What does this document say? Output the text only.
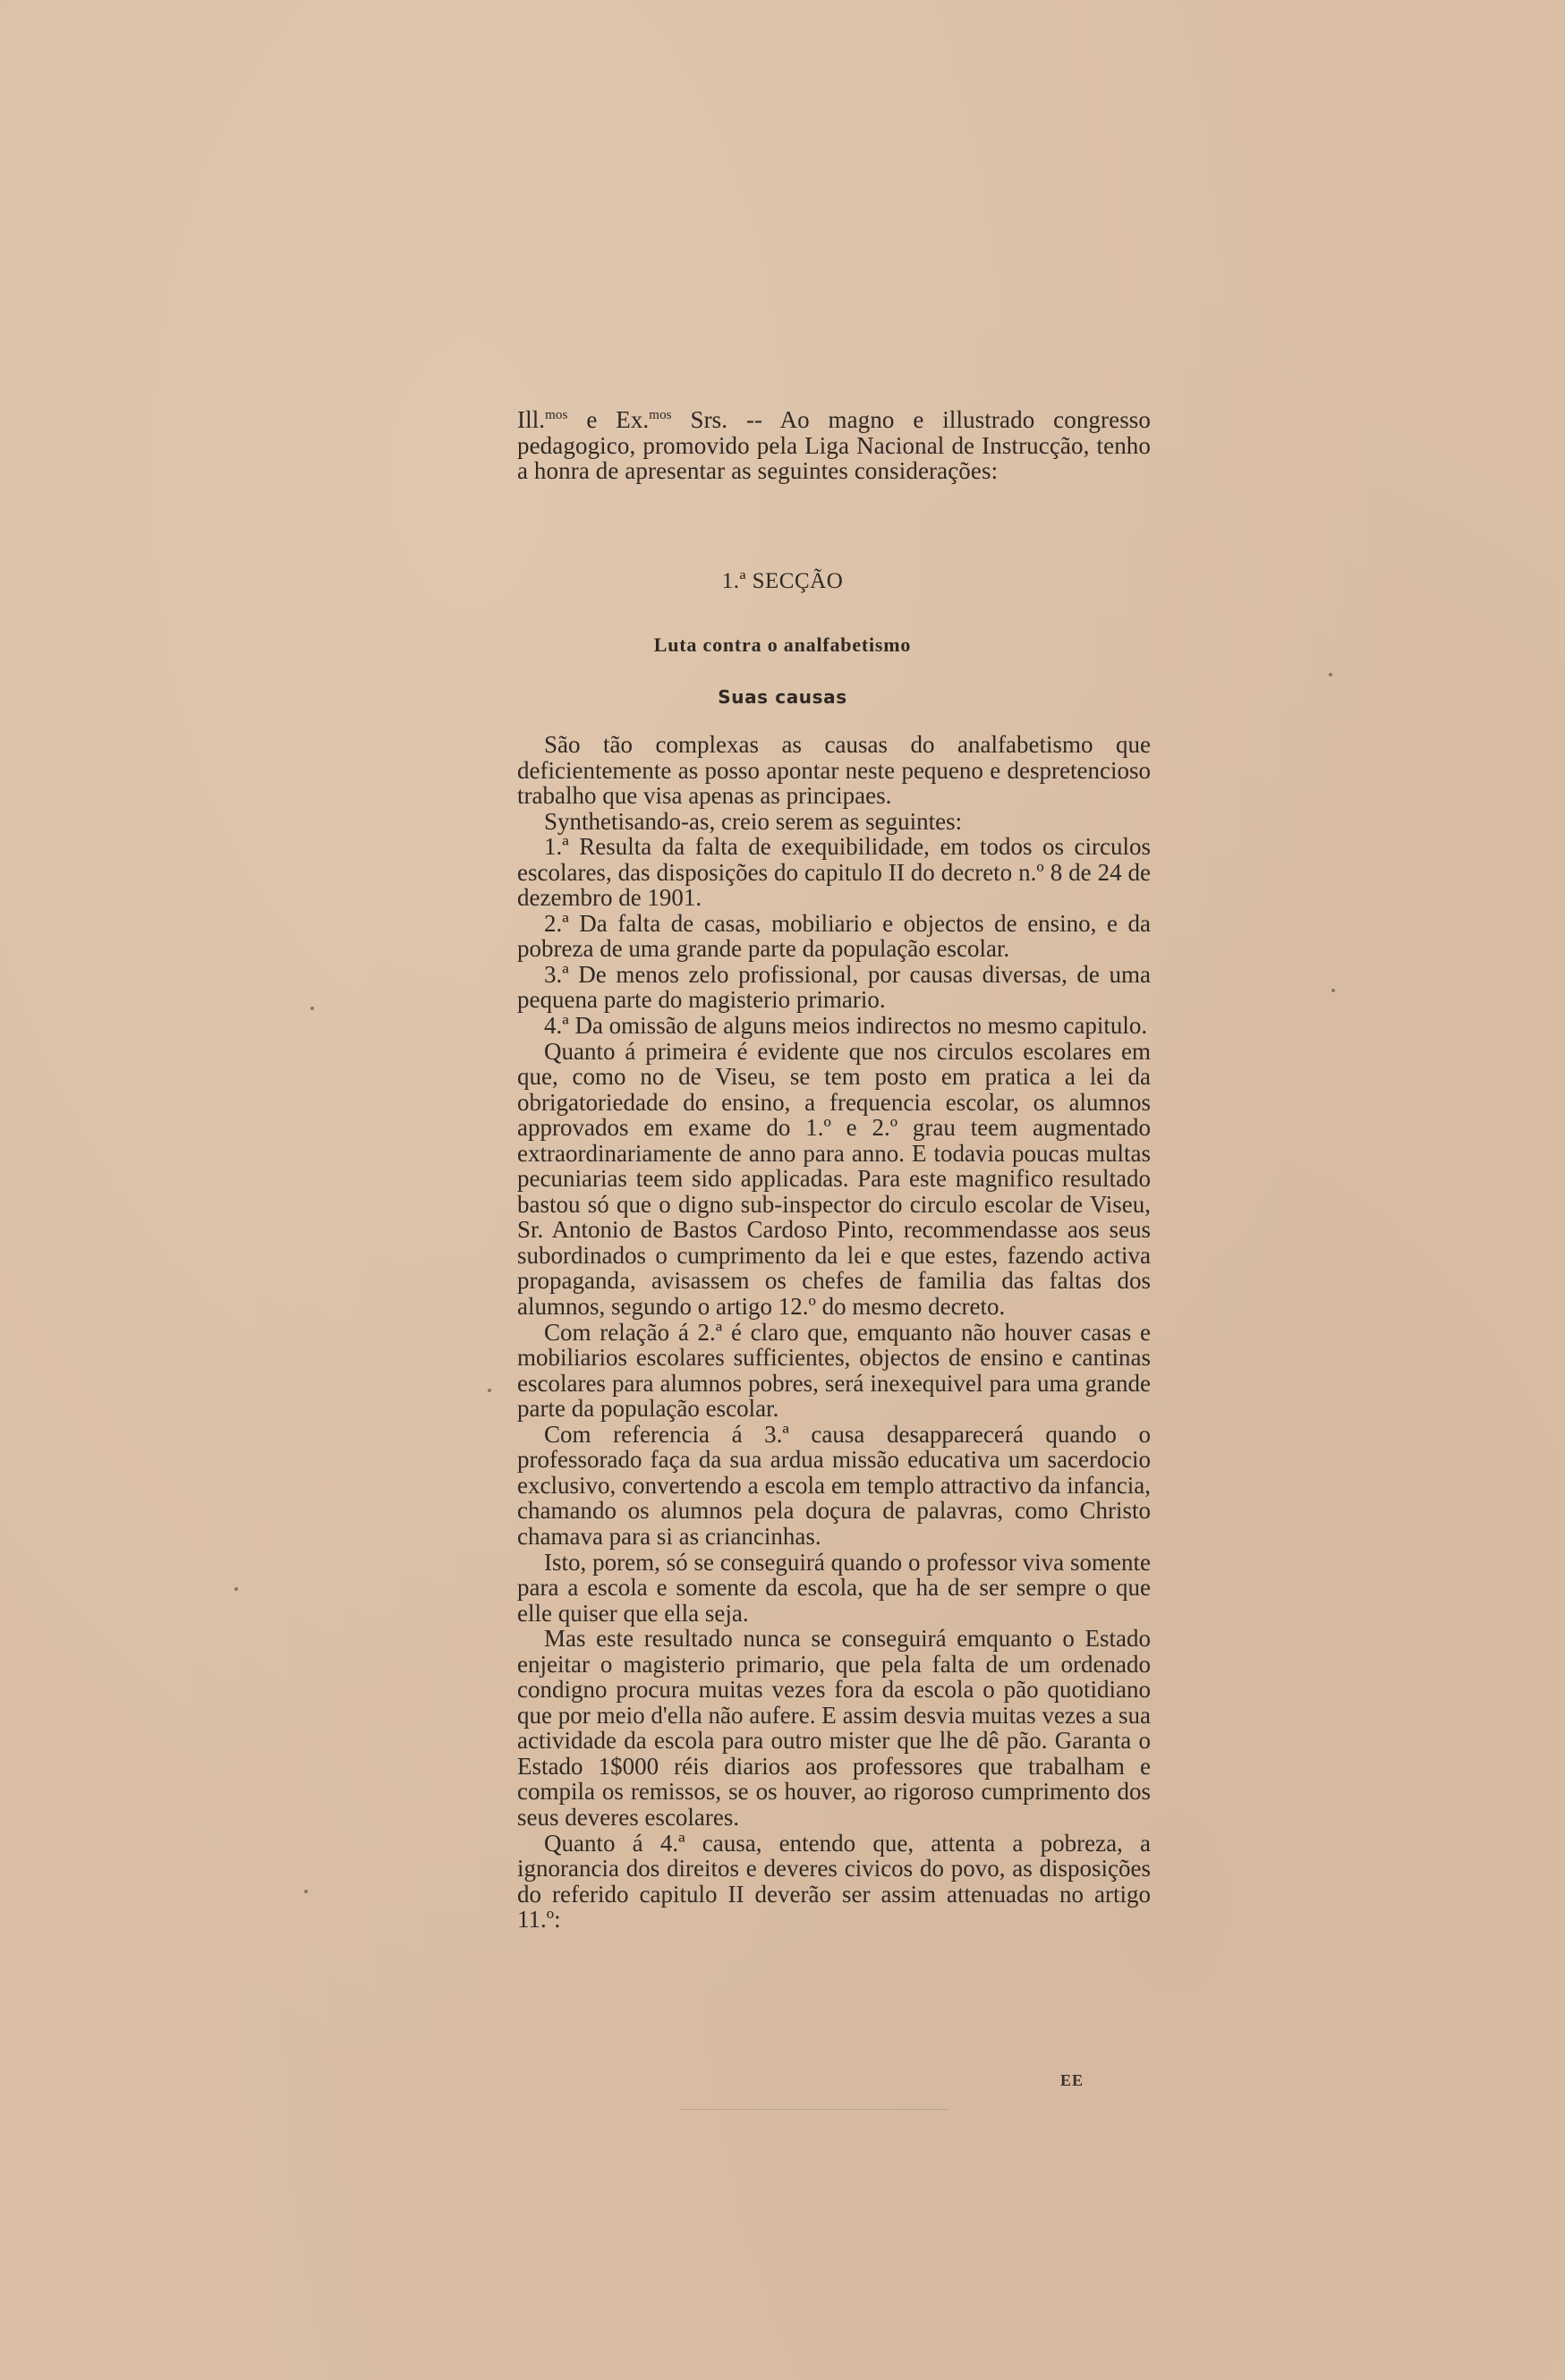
Ill.$^{mos}$ e Ex.$^{mos}$ Srs. -- Ao magno e illustrado congresso pedagogico, promovido pela Liga Nacional de Instrucção, tenho a honra de apresentar as seguintes considerações:

1.ª SECÇÃO
Luta contra o analfabetismo
Suas causas

São tão complexas as causas do analfabetismo que deficientemente as posso apontar neste pequeno e despretencioso trabalho que visa apenas as principaes.

Synthetisando-as, creio serem as seguintes:

1.ª Resulta da falta de exequibilidade, em todos os circulos escolares, das disposições do capitulo II do decreto n.º 8 de 24 de dezembro de 1901.

2.ª Da falta de casas, mobiliario e objectos de ensino, e da pobreza de uma grande parte da população escolar.

3.ª De menos zelo profissional, por causas diversas, de uma pequena parte do magisterio primario.

4.ª Da omissão de alguns meios indirectos no mesmo capitulo.

Quanto á primeira é evidente que nos circulos escolares em que, como no de Viseu, se tem posto em pratica a lei da obrigatoriedade do ensino, a frequencia escolar, os alumnos approvados em exame do 1.º e 2.º grau teem augmentado extraordinariamente de anno para anno. E todavia poucas multas pecuniarias teem sido applicadas. Para este magnifico resultado bastou só que o digno sub-inspector do circulo escolar de Viseu, Sr. Antonio de Bastos Cardoso Pinto, recommendasse aos seus subordinados o cumprimento da lei e que estes, fazendo activa propaganda, avisassem os chefes de familia das faltas dos alumnos, segundo o artigo 12.º do mesmo decreto.

Com relação á 2.ª é claro que, emquanto não houver casas e mobiliarios escolares sufficientes, objectos de ensino e cantinas escolares para alumnos pobres, será inexequivel para uma grande parte da população escolar.

Com referencia á 3.ª causa desapparecerá quando o professorado faça da sua ardua missão educativa um sacerdocio exclusivo, convertendo a escola em templo attractivo da infancia, chamando os alumnos pela doçura de palavras, como Christo chamava para si as criancinhas.

Isto, porem, só se conseguirá quando o professor viva somente para a escola e somente da escola, que ha de ser sempre o que elle quiser que ella seja.

Mas este resultado nunca se conseguirá emquanto o Estado enjeitar o magisterio primario, que pela falta de um ordenado condigno procura muitas vezes fora da escola o pão quotidiano que por meio d'ella não aufere. E assim desvia muitas vezes a sua actividade da escola para outro mister que lhe dê pão. Garanta o Estado 1$000 réis diarios aos professores que trabalham e compila os remissos, se os houver, ao rigoroso cumprimento dos seus deveres escolares.

Quanto á 4.ª causa, entendo que, attenta a pobreza, a ignorancia dos direitos e deveres civicos do povo, as disposições do referido capitulo II deverão ser assim attenuadas no artigo 11.º:

EE
